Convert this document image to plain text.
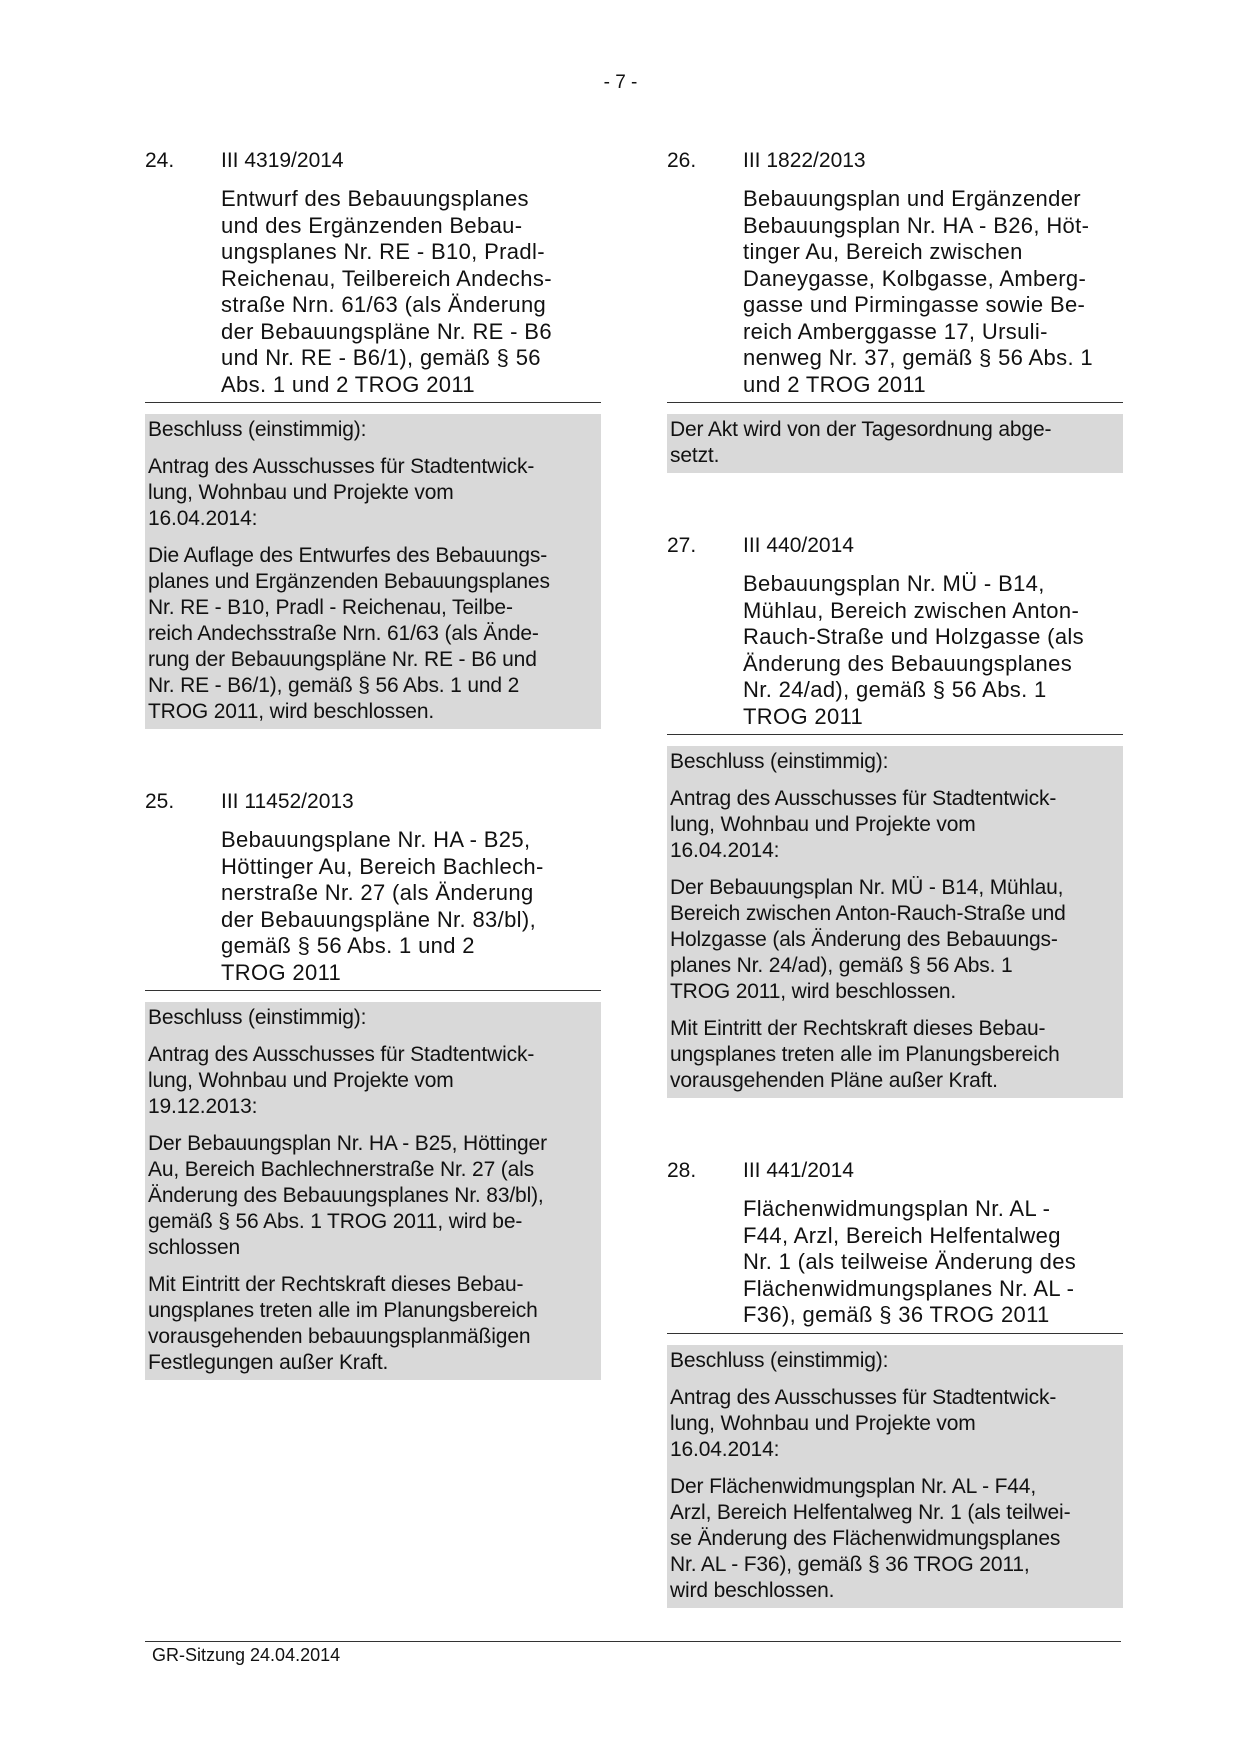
- 7 -
24.	III 4319/2014
Entwurf des Bebauungsplanes
und des Ergänzenden Bebau-
ungsplanes Nr. RE - B10, Pradl-
Reichenau, Teilbereich Andechs-
straße Nrn. 61/63 (als Änderung
der Bebauungspläne Nr. RE - B6
und Nr. RE - B6/1), gemäß § 56
Abs. 1 und 2 TROG 2011

Beschluss (einstimmig):

Antrag des Ausschusses für Stadtentwick-
lung, Wohnbau und Projekte vom
16.04.2014:

Die Auflage des Entwurfes des Bebauungs-
planes und Ergänzenden Bebauungsplanes
Nr. RE - B10, Pradl - Reichenau, Teilbe-
reich Andechsstraße Nrn. 61/63 (als Ände-
rung der Bebauungspläne Nr. RE - B6 und
Nr. RE - B6/1), gemäß § 56 Abs. 1 und 2
TROG 2011, wird beschlossen.

25.	III 11452/2013
Bebauungsplane Nr. HA - B25,
Höttinger Au, Bereich Bachlech-
nerstraße Nr. 27 (als Änderung
der Bebauungspläne Nr. 83/bl),
gemäß § 56 Abs. 1 und 2
TROG 2011

Beschluss (einstimmig):

Antrag des Ausschusses für Stadtentwick-
lung, Wohnbau und Projekte vom
19.12.2013:

Der Bebauungsplan Nr. HA - B25, Höttinger
Au, Bereich Bachlechnerstraße Nr. 27 (als
Änderung des Bebauungsplanes Nr. 83/bl),
gemäß § 56 Abs. 1 TROG 2011, wird be-
schlossen

Mit Eintritt der Rechtskraft dieses Bebau-
ungsplanes treten alle im Planungsbereich
vorausgehenden bebauungsplanmäßigen
Festlegungen außer Kraft.

26.	III 1822/2013
Bebauungsplan und Ergänzender
Bebauungsplan Nr. HA - B26, Höt-
tinger Au, Bereich zwischen
Daneygasse, Kolbgasse, Amberg-
gasse und Pirmingasse sowie Be-
reich Amberggasse 17, Ursuli-
nenweg Nr. 37, gemäß § 56 Abs. 1
und 2 TROG 2011

Der Akt wird von der Tagesordnung abge-
setzt.

27.	III 440/2014
Bebauungsplan Nr. MÜ - B14,
Mühlau, Bereich zwischen Anton-
Rauch-Straße und Holzgasse (als
Änderung des Bebauungsplanes
Nr. 24/ad), gemäß § 56 Abs. 1
TROG 2011

Beschluss (einstimmig):

Antrag des Ausschusses für Stadtentwick-
lung, Wohnbau und Projekte vom
16.04.2014:

Der Bebauungsplan Nr. MÜ - B14, Mühlau,
Bereich zwischen Anton-Rauch-Straße und
Holzgasse (als Änderung des Bebauungs-
planes Nr. 24/ad), gemäß § 56 Abs. 1
TROG 2011, wird beschlossen.

Mit Eintritt der Rechtskraft dieses Bebau-
ungsplanes treten alle im Planungsbereich
vorausgehenden Pläne außer Kraft.

28.	III 441/2014
Flächenwidmungsplan Nr. AL -
F44, Arzl, Bereich Helfentalweg
Nr. 1 (als teilweise Änderung des
Flächenwidmungsplanes Nr. AL -
F36), gemäß § 36 TROG 2011

Beschluss (einstimmig):

Antrag des Ausschusses für Stadtentwick-
lung, Wohnbau und Projekte vom
16.04.2014:

Der Flächenwidmungsplan Nr. AL - F44,
Arzl, Bereich Helfentalweg Nr. 1 (als teilwei-
se Änderung des Flächenwidmungsplanes
Nr. AL - F36), gemäß § 36 TROG 2011,
wird beschlossen.

GR-Sitzung 24.04.2014
